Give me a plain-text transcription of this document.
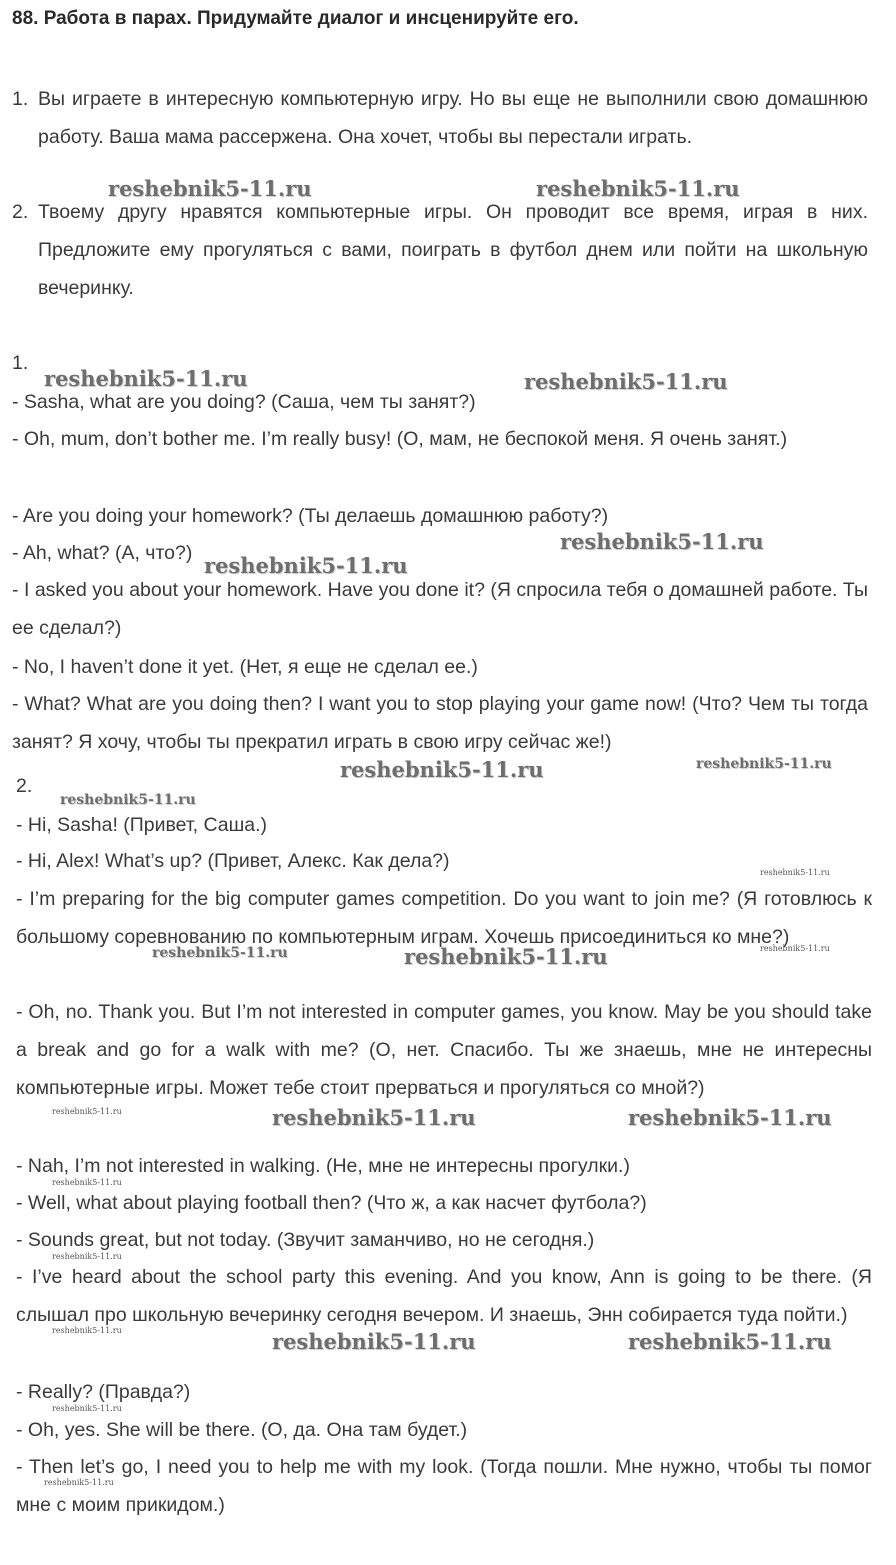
88. Работа в парах. Придумайте диалог и инсценируйте его.
1. Вы играете в интересную компьютерную игру. Но вы еще не выполнили свою домашнюю работу. Ваша мама рассержена. Она хочет, чтобы вы перестали играть.
2. Твоему другу нравятся компьютерные игры. Он проводит все время, играя в них. Предложите ему прогуляться с вами, поиграть в футбол днем или пойти на школьную вечеринку.
1.
- Sasha, what are you doing? (Саша, чем ты занят?)
- Oh, mum, don’t bother me. I’m really busy! (О, мам, не беспокой меня. Я очень занят.)
- Are you doing your homework? (Ты делаешь домашнюю работу?)
- Ah, what? (А, что?)
- I asked you about your homework. Have you done it? (Я спросила тебя о домашней работе. Ты ее сделал?)
- No, I haven’t done it yet. (Нет, я еще не сделал ее.)
- What? What are you doing then? I want you to stop playing your game now! (Что? Чем ты тогда занят? Я хочу, чтобы ты прекратил играть в свою игру сейчас же!)
2.
- Hi, Sasha! (Привет, Саша.)
- Hi, Alex! What’s up? (Привет, Алекс. Как дела?)
- I’m preparing for the big computer games competition. Do you want to join me? (Я готовлюсь к большому соревнованию по компьютерным играм. Хочешь присоединиться ко мне?)
- Oh, no. Thank you. But I’m not interested in computer games, you know. May be you should take a break and go for a walk with me? (О, нет. Спасибо. Ты же знаешь, мне не интересны компьютерные игры. Может тебе стоит прерваться и прогуляться со мной?)
- Nah, I’m not interested in walking. (Не, мне не интересны прогулки.)
- Well, what about playing football then? (Что ж, а как насчет футбола?)
- Sounds great, but not today. (Звучит заманчиво, но не сегодня.)
- I’ve heard about the school party this evening. And you know, Ann is going to be there. (Я слышал про школьную вечеринку сегодня вечером. И знаешь, Энн собирается туда пойти.)
- Really? (Правда?)
- Oh, yes. She will be there. (О, да. Она там будет.)
- Then let’s go, I need you to help me with my look. (Тогда пошли. Мне нужно, чтобы ты помог мне с моим прикидом.)
reshebnik5-11.ru	reshebnik5-11.ru
reshebnik5-11.ru	reshebnik5-11.ru
reshebnik5-11.ru
reshebnik5-11.ru
reshebnik5-11.ru	reshebnik5-11.ru
reshebnik5-11.ru
reshebnik5-11.ru
reshebnik5-11.ru	reshebnik5-11.ru
reshebnik5-11.ru
reshebnik5-11.ru	reshebnik5-11.ru	reshebnik5-11.ru
reshebnik5-11.ru
reshebnik5-11.ru
reshebnik5-11.ru	reshebnik5-11.ru	reshebnik5-11.ru
reshebnik5-11.ru
reshebnik5-11.ru
